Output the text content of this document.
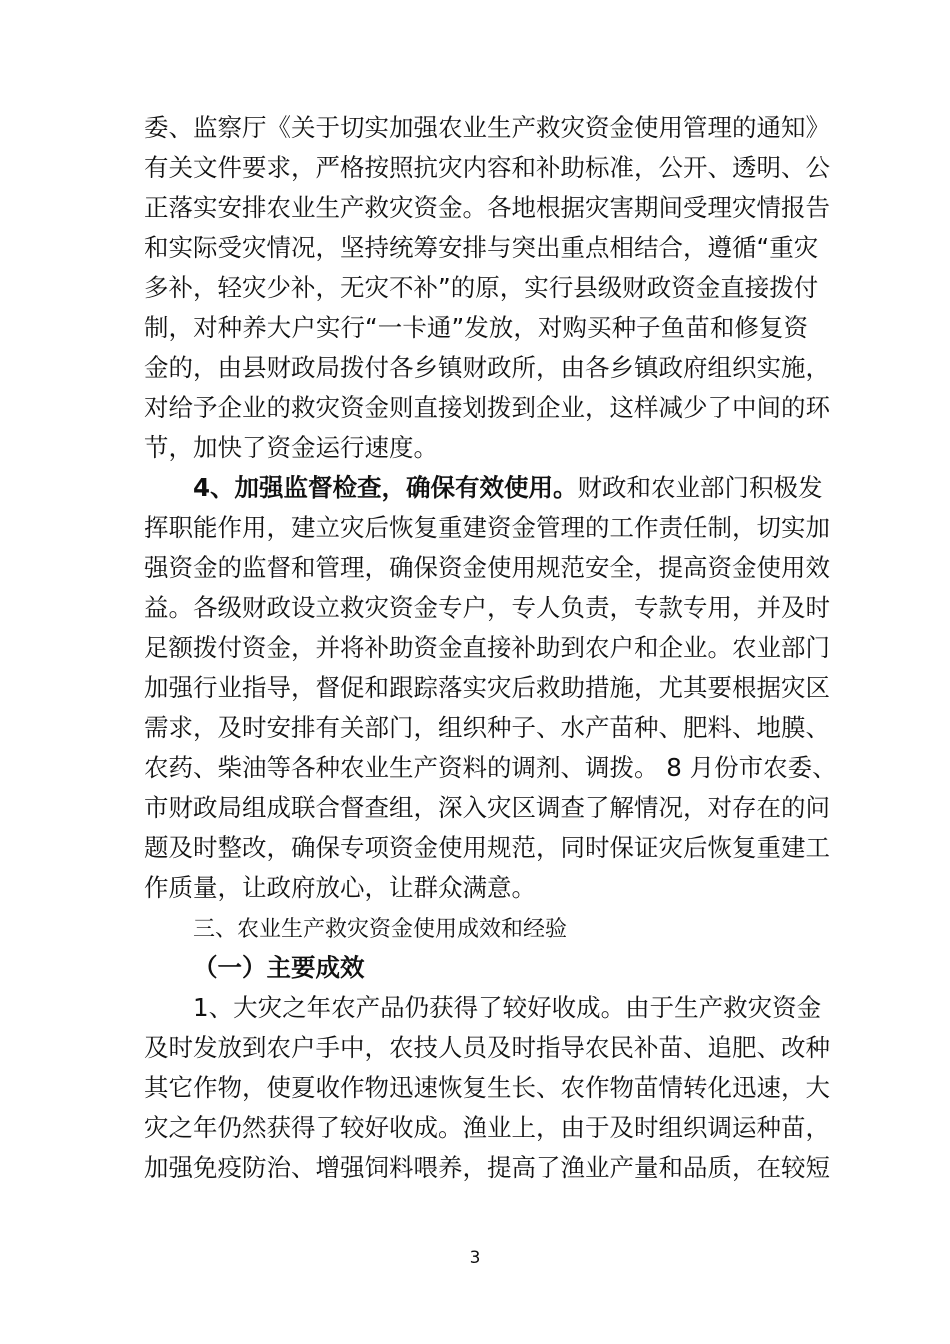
委、监察厅《关于切实加强农业生产救灾资金使用管理的通知》
有关文件要求，严格按照抗灾内容和补助标准，公开、透明、公
正落实安排农业生产救灾资金。各地根据灾害期间受理灾情报告
和实际受灾情况，坚持统筹安排与突出重点相结合，遵循“重灾
多补，轻灾少补，无灾不补”的原，实行县级财政资金直接拨付
制，对种养大户实行“一卡通”发放，对购买种子鱼苗和修复资
金的，由县财政局拨付各乡镇财政所，由各乡镇政府组织实施，
对给予企业的救灾资金则直接划拨到企业，这样减少了中间的环
节，加快了资金运行速度。
4、加强监督检查，确保有效使用。财政和农业部门积极发
挥职能作用，建立灾后恢复重建资金管理的工作责任制，切实加
强资金的监督和管理，确保资金使用规范安全，提高资金使用效
益。各级财政设立救灾资金专户，专人负责，专款专用，并及时
足额拨付资金，并将补助资金直接补助到农户和企业。农业部门
加强行业指导，督促和跟踪落实灾后救助措施，尤其要根据灾区
需求，及时安排有关部门，组织种子、水产苗种、肥料、地膜、
农药、柴油等各种农业生产资料的调剂、调拨。 8 月份市农委、
市财政局组成联合督查组，深入灾区调查了解情况，对存在的问
题及时整改，确保专项资金使用规范，同时保证灾后恢复重建工
作质量，让政府放心，让群众满意。
三、农业生产救灾资金使用成效和经验
（一）主要成效
1、大灾之年农产品仍获得了较好收成。由于生产救灾资金
及时发放到农户手中，农技人员及时指导农民补苗、追肥、改种
其它作物，使夏收作物迅速恢复生长、农作物苗情转化迅速，大
灾之年仍然获得了较好收成。渔业上，由于及时组织调运种苗，
加强免疫防治、增强饲料喂养，提高了渔业产量和品质，在较短
3
